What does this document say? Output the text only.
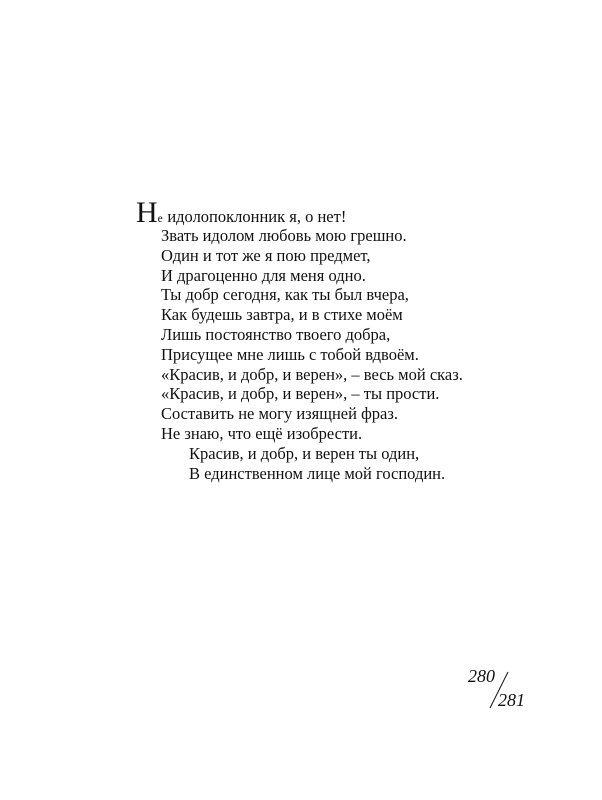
Не идолопоклонник я, о нет!
Звать идолом любовь мою грешно.
Один и тот же я пою предмет,
И драгоценно для меня одно.
Ты добр сегодня, как ты был вчера,
Как будешь завтра, и в стихе моём
Лишь постоянство твоего добра,
Присущее мне лишь с тобой вдвоём.
«Красив, и добр, и верен», – весь мой сказ.
«Красив, и добр, и верен», – ты прости.
Составить не могу изящней фраз.
Не знаю, что ещё изобрести.
Красив, и добр, и верен ты один,
В единственном лице мой господин.
280
281
